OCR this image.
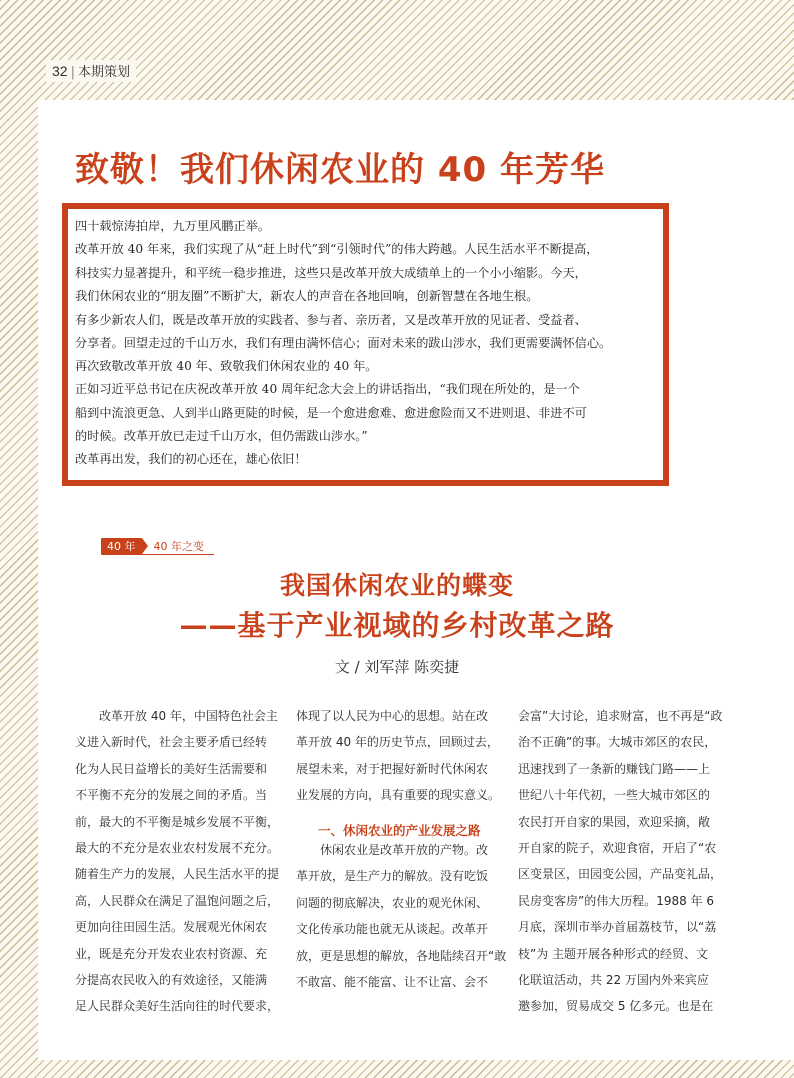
32 | 本期策划
致敬！我们休闲农业的 40 年芳华
四十载惊涛拍岸，九万里风鹏正举。
改革开放 40 年来，我们实现了从“赶上时代”到“引领时代”的伟大跨越。人民生活水平不断提高，
科技实力显著提升，和平统一稳步推进，这些只是改革开放大成绩单上的一个小小缩影。今天，
我们休闲农业的“朋友圈”不断扩大，新农人的声音在各地回响，创新智慧在各地生根。
有多少新农人们，既是改革开放的实践者、参与者、亲历者，又是改革开放的见证者、受益者、
分享者。回望走过的千山万水，我们有理由满怀信心；面对未来的跋山涉水，我们更需要满怀信心。
再次致敬改革开放 40 年、致敬我们休闲农业的 40 年。
正如习近平总书记在庆祝改革开放 40 周年纪念大会上的讲话指出，“我们现在所处的，是一个
船到中流浪更急、人到半山路更陡的时候，是一个愈进愈难、愈进愈险而又不进则退、非进不可
的时候。改革开放已走过千山万水，但仍需跋山涉水。”
改革再出发，我们的初心还在，雄心依旧！
40 年	40 年之变
我国休闲农业的蝶变
——基于产业视域的乡村改革之路
文 / 刘军萍 陈奕捷
改革开放 40 年，中国特色社会主
义进入新时代，社会主要矛盾已经转
化为人民日益增长的美好生活需要和
不平衡不充分的发展之间的矛盾。当
前，最大的不平衡是城乡发展不平衡，
最大的不充分是农业农村发展不充分。
随着生产力的发展，人民生活水平的提
高，人民群众在满足了温饱问题之后，
更加向往田园生活。发展观光休闲农
业，既是充分开发农业农村资源、充
分提高农民收入的有效途径，又能满
足人民群众美好生活向往的时代要求，
体现了以人民为中心的思想。站在改
革开放 40 年的历史节点，回顾过去，
展望未来，对于把握好新时代休闲农
业发展的方向，具有重要的现实意义。
休闲农业是改革开放的产物。改
革开放，是生产力的解放。没有吃饭
问题的彻底解决，农业的观光休闲、
文化传承功能也就无从谈起。改革开
放，更是思想的解放，各地陆续召开“敢
不敢富、能不能富、让不让富、会不
一、休闲农业的产业发展之路
会富”大讨论，追求财富，也不再是“政
治不正确”的事。大城市郊区的农民，
迅速找到了一条新的赚钱门路——上
世纪八十年代初，一些大城市郊区的
农民打开自家的果园，欢迎采摘，敞
开自家的院子，欢迎食宿，开启了“农
区变景区，田园变公园，产品变礼品，
民房变客房”的伟大历程。1988 年 6
月底，深圳市举办首届荔枝节，以“荔
枝”为 主题开展各种形式的经贸、文
化联谊活动，共 22 万国内外来宾应
邀参加，贸易成交 5 亿多元。也是在
